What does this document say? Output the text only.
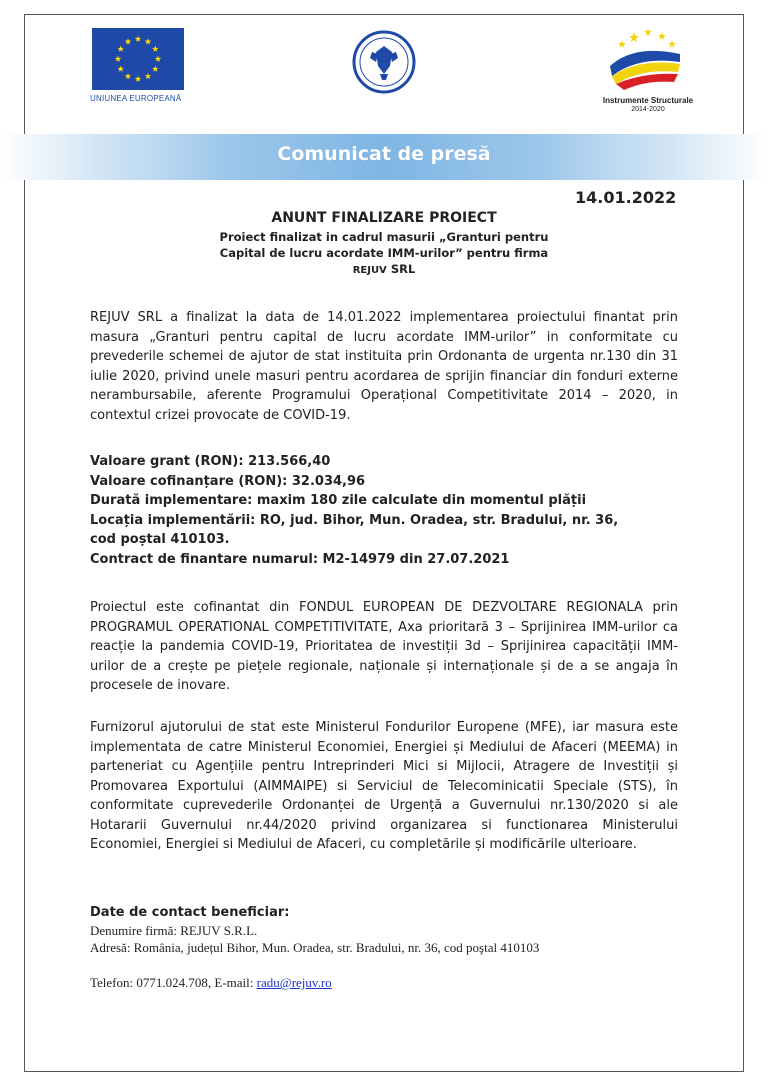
UNIUNEA EUROPEANĂ	Instrumente Structurale
2014-2020
Comunicat de presă
14.01.2022
ANUNT FINALIZARE PROIECT
Proiect finalizat in cadrul masurii „Granturi pentru
Capital de lucru acordate IMM-urilor” pentru firma
REJUV SRL
REJUV SRL a finalizat la data de 14.01.2022 implementarea proiectului finantat prin masura „Granturi pentru capital de lucru acordate IMM-urilor” in conformitate cu prevederile schemei de ajutor de stat instituita prin Ordonanta de urgenta nr.130 din 31 iulie 2020, privind unele masuri pentru acordarea de sprijin financiar din fonduri externe nerambursabile, aferente Programului Operațional Competitivitate 2014 – 2020, in contextul crizei provocate de COVID-19.
Valoare grant (RON): 213.566,40
Valoare cofinanțare (RON): 32.034,96
Durată implementare: maxim 180 zile calculate din momentul plății
Locația implementării: RO, jud. Bihor, Mun. Oradea, str. Bradului, nr. 36,
cod poștal 410103.
Contract de finantare numarul: M2-14979 din 27.07.2021
Proiectul este cofinantat din FONDUL EUROPEAN DE DEZVOLTARE REGIONALA prin PROGRAMUL OPERATIONAL COMPETITIVITATE, Axa prioritară 3 – Sprijinirea IMM-urilor ca reacție la pandemia COVID-19, Prioritatea de investiții 3d – Sprijinirea capacității IMM-urilor de a crește pe piețele regionale, naționale și internaționale și de a se angaja în procesele de inovare.
Furnizorul ajutorului de stat este Ministerul Fondurilor Europene (MFE), iar masura este implementata de catre Ministerul Economiei, Energiei și Mediului de Afaceri (MEEMA) in parteneriat cu Agențiile pentru Intreprinderi Mici si Mijlocii, Atragere de Investiții și Promovarea Exportului (AIMMAIPE) si Serviciul de Telecominicatii Speciale (STS), în conformitate cuprevederile Ordonanței de Urgență a Guvernului nr.130/2020 si ale Hotararii Guvernului nr.44/2020 privind organizarea si functionarea Ministerului Economiei, Energiei si Mediului de Afaceri, cu completările și modificările ulterioare.
Date de contact beneficiar:
Denumire firmă: REJUV S.R.L.
Adresă: România, județul Bihor, Mun. Oradea, str. Bradului, nr. 36, cod poştal 410103
Telefon: 0771.024.708, E-mail: radu@rejuv.ro
